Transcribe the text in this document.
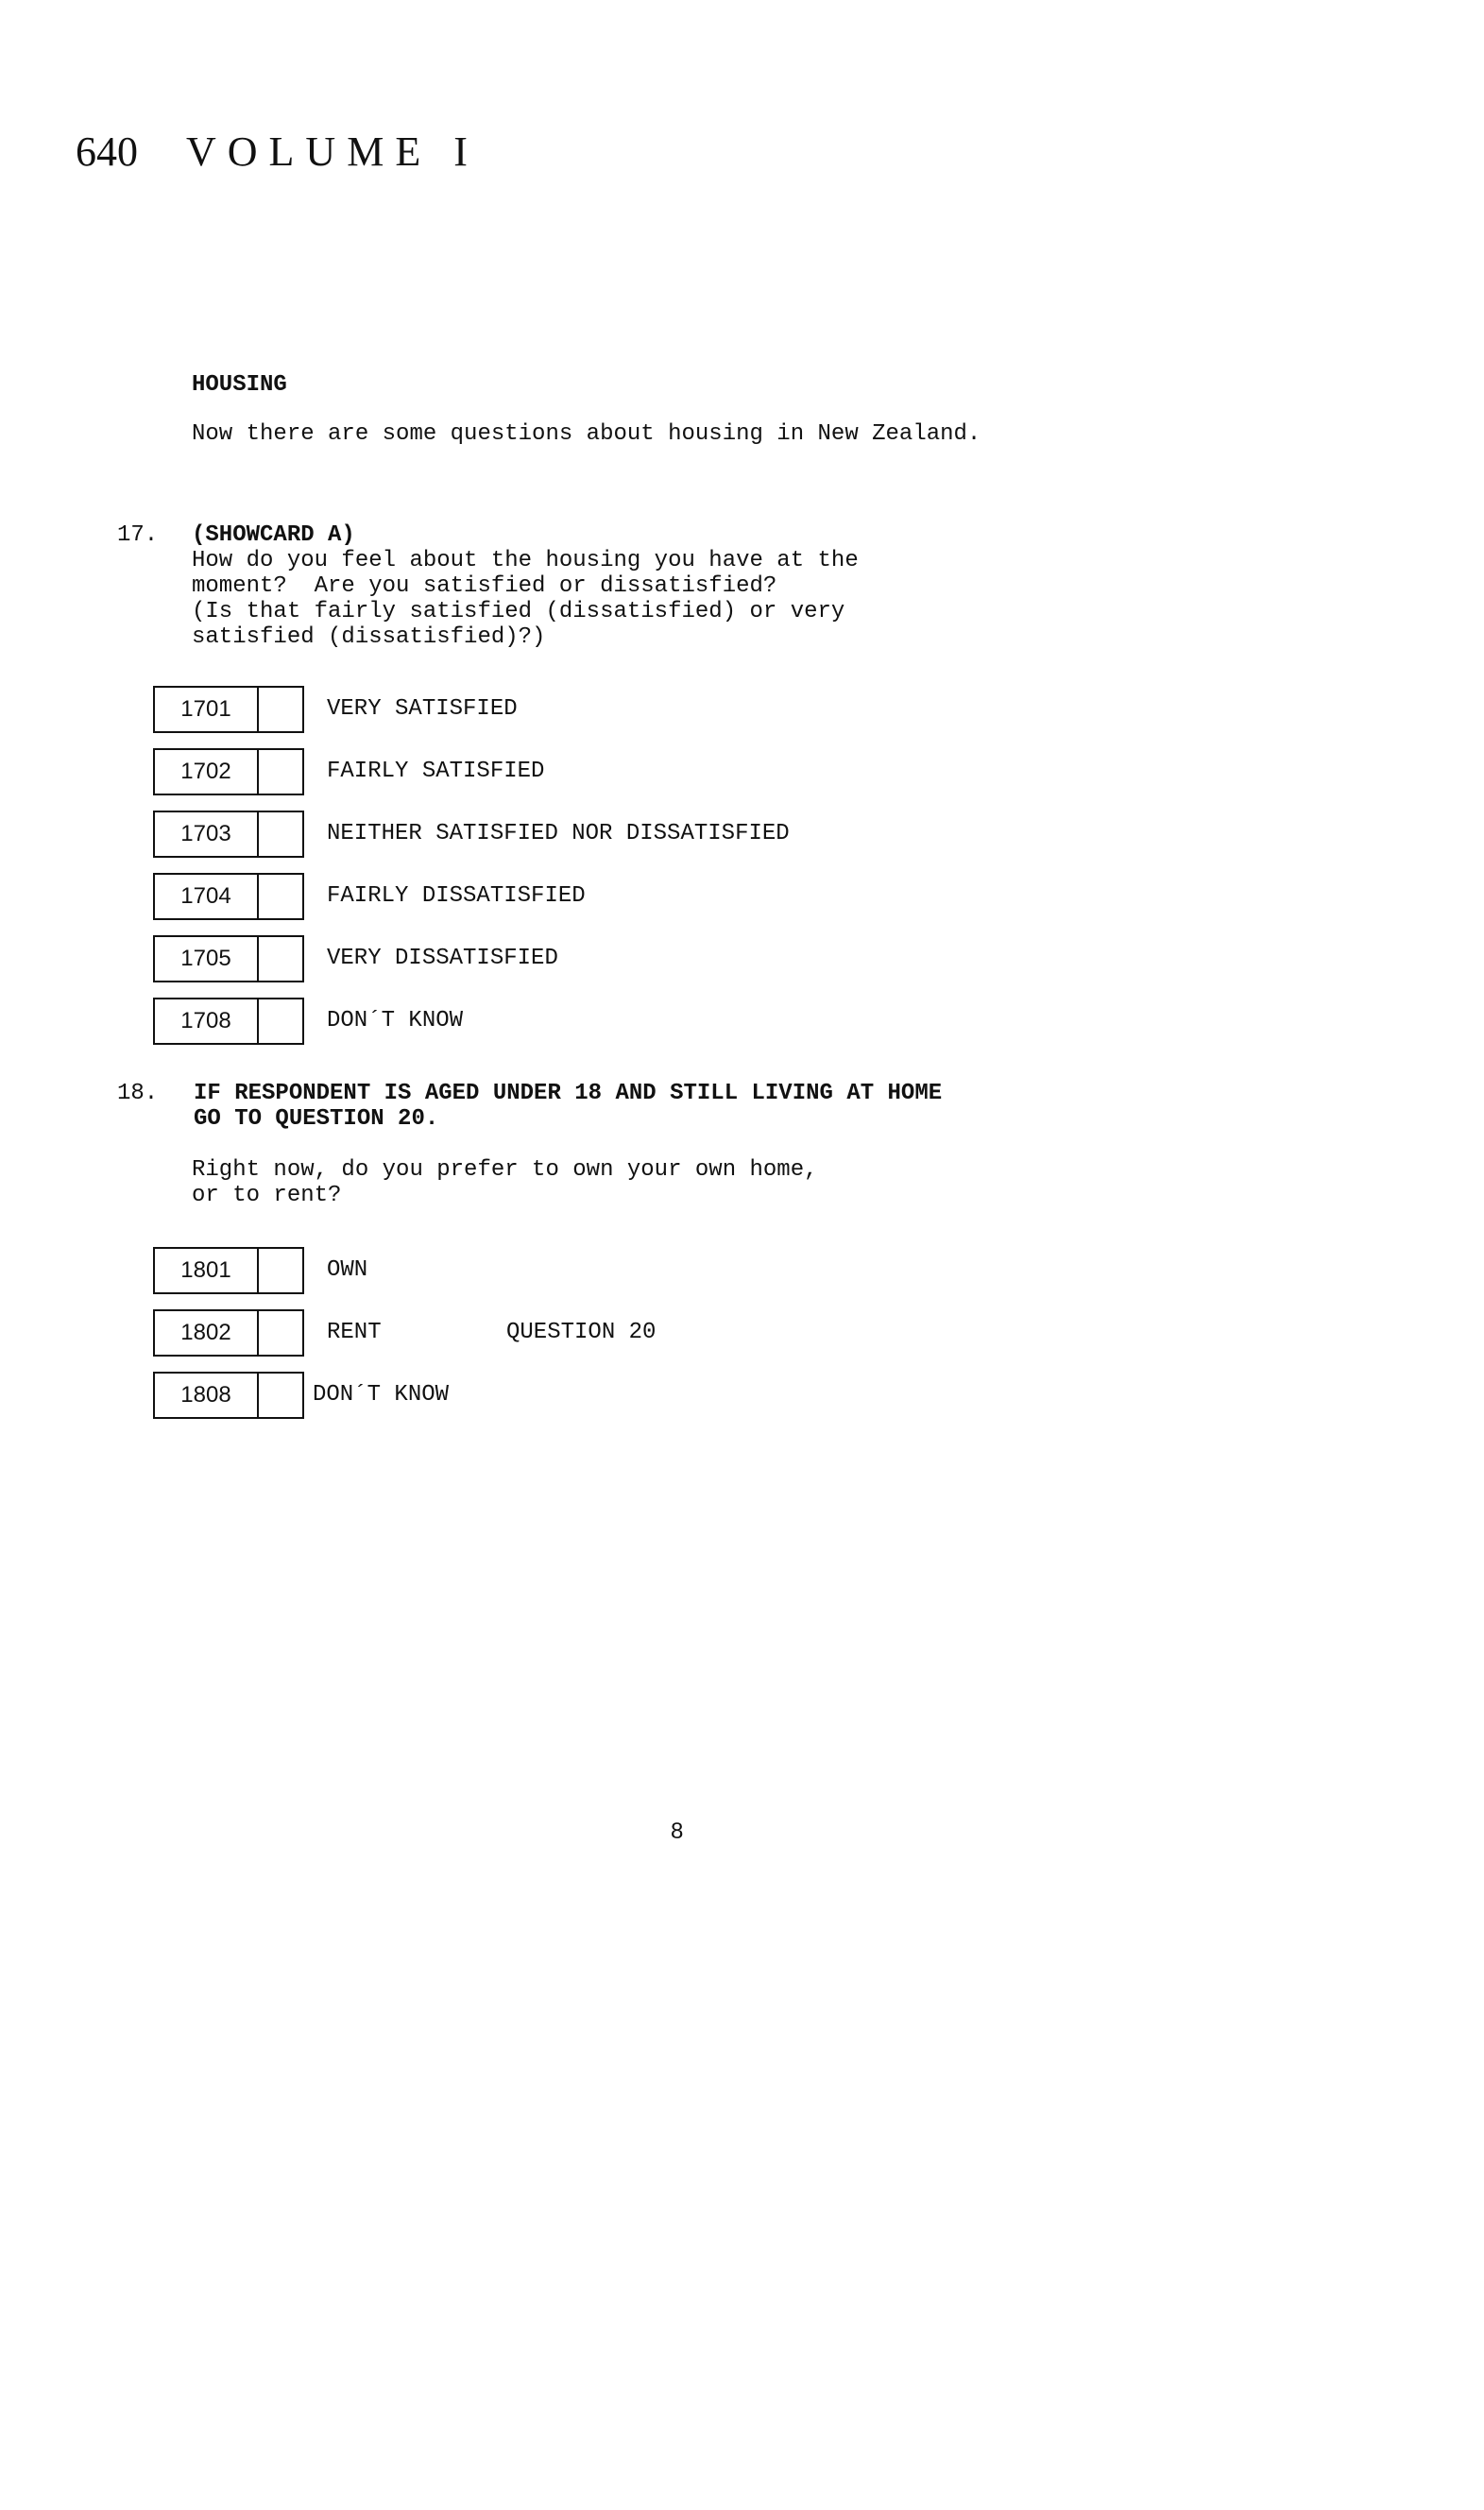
640 VOLUME I
HOUSING
Now there are some questions about housing in New Zealand.
17. (SHOWCARD A)
How do you feel about the housing you have at the
moment?  Are you satisfied or dissatisfied?
(Is that fairly satisfied (dissatisfied) or very
satisfied (dissatisfied)?)
1701	VERY SATISFIED
1702	FAIRLY SATISFIED
1703	NEITHER SATISFIED NOR DISSATISFIED
1704	FAIRLY DISSATISFIED
1705	VERY DISSATISFIED
1708	DON´T KNOW
18. IF RESPONDENT IS AGED UNDER 18 AND STILL LIVING AT HOME
GO TO QUESTION 20.
Right now, do you prefer to own your own home,
or to rent?
1801	OWN
1802	RENT	QUESTION 20
1808	DON´T KNOW
8
